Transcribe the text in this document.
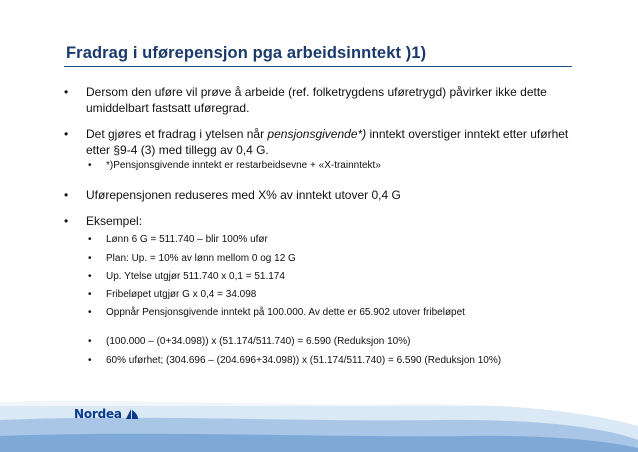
Fradrag i uførepensjon pga arbeidsinntekt )1)
• Dersom den uføre vil prøve å arbeide (ref. folketrygdens uføretrygd) påvirker ikke dette
umiddelbart fastsatt uføregrad.
• Det gjøres et fradrag i ytelsen når pensjonsgivende*) inntekt overstiger inntekt etter uførhet
etter §9-4 (3) med tillegg av 0,4 G.
• *)Pensjonsgivende inntekt er restarbeidsevne + «X-trainntekt»
• Uførepensjonen reduseres med X% av inntekt utover 0,4 G
• Eksempel:
• Lønn 6 G = 511.740 – blir 100% ufør
• Plan: Up. = 10% av lønn mellom 0 og 12 G
• Up. Ytelse utgjør 511.740 x 0,1 = 51.174
• Fribeløpet utgjør G x 0,4 = 34.098
• Oppnår Pensjonsgivende inntekt på 100.000. Av dette er 65.902 utover fribeløpet
• (100.000 – (0+34.098)) x (51.174/511.740) = 6.590 (Reduksjon 10%)
• 60% uførhet; (304.696 – (204.696+34.098)) x (51.174/511.740) = 6.590 (Reduksjon 10%)
Nordea
